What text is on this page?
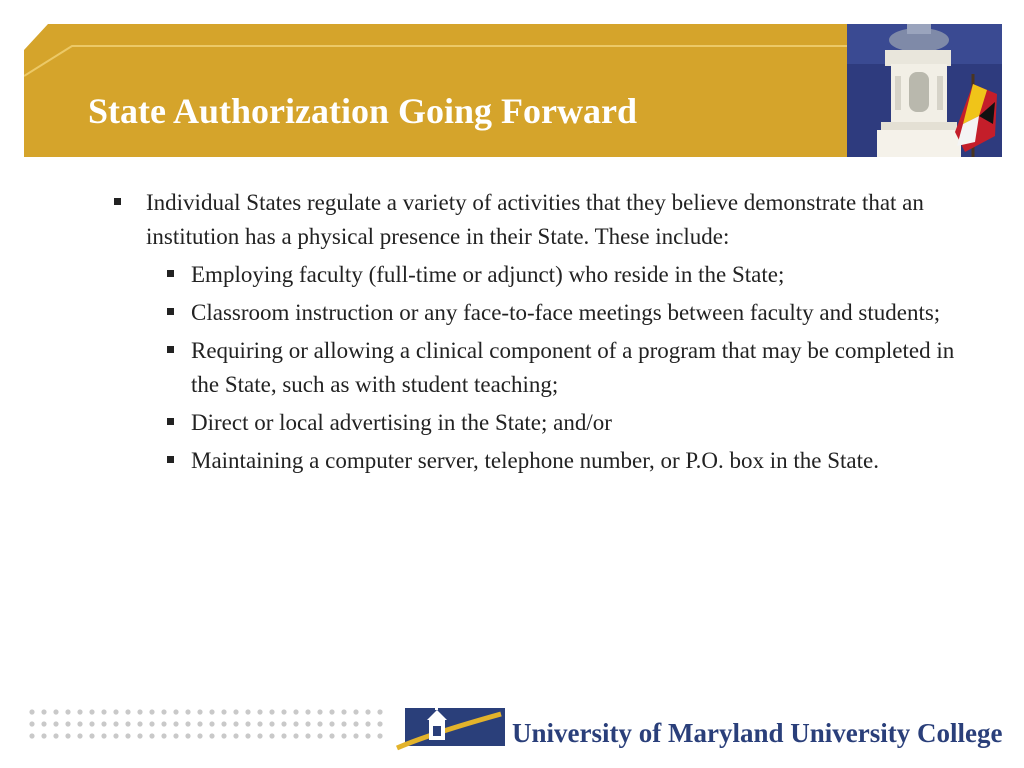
State Authorization Going Forward
Individual States regulate a variety of activities that they believe demonstrate that an institution has a physical presence in their State. These include:
Employing faculty (full-time or adjunct) who reside in the State;
Classroom instruction or any face-to-face meetings between faculty and students;
Requiring or allowing a clinical component of a program that may be completed in the State, such as with student teaching;
Direct or local advertising in the State; and/or
Maintaining a computer server, telephone number, or P.O. box in the State.
University of Maryland University College
